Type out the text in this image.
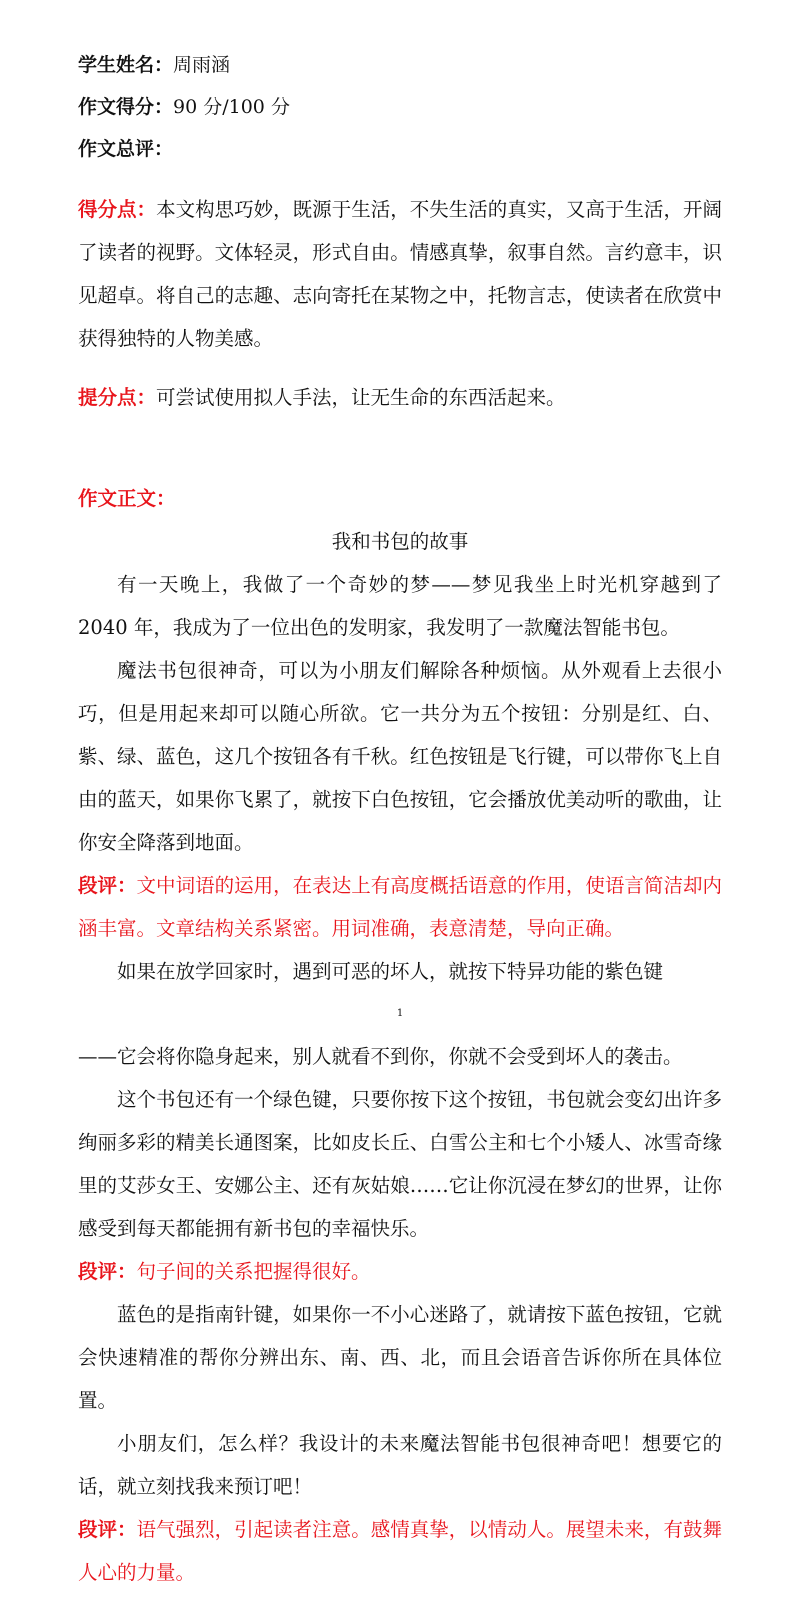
学生姓名：周雨涵
作文得分：90 分/100 分
作文总评：

得分点：本文构思巧妙，既源于生活，不失生活的真实，又高于生活，开阔了读者的视野。文体轻灵，形式自由。情感真挚，叙事自然。言约意丰，识见超卓。将自己的志趣、志向寄托在某物之中，托物言志，使读者在欣赏中获得独特的人物美感。

提分点：可尝试使用拟人手法，让无生命的东西活起来。

作文正文：

我和书包的故事

有一天晚上，我做了一个奇妙的梦——梦见我坐上时光机穿越到了 2040 年，我成为了一位出色的发明家，我发明了一款魔法智能书包。

魔法书包很神奇，可以为小朋友们解除各种烦恼。从外观看上去很小巧，但是用起来却可以随心所欲。它一共分为五个按钮：分别是红、白、紫、绿、蓝色，这几个按钮各有千秋。红色按钮是飞行键，可以带你飞上自由的蓝天，如果你飞累了，就按下白色按钮，它会播放优美动听的歌曲，让你安全降落到地面。

段评：文中词语的运用，在表达上有高度概括语意的作用，使语言简洁却内涵丰富。文章结构关系紧密。用词准确，表意清楚，导向正确。

如果在放学回家时，遇到可恶的坏人，就按下特异功能的紫色键

1

——它会将你隐身起来，别人就看不到你，你就不会受到坏人的袭击。

这个书包还有一个绿色键，只要你按下这个按钮，书包就会变幻出许多绚丽多彩的精美长通图案，比如皮长丘、白雪公主和七个小矮人、冰雪奇缘里的艾莎女王、安娜公主、还有灰姑娘……它让你沉浸在梦幻的世界，让你感受到每天都能拥有新书包的幸福快乐。

段评：句子间的关系把握得很好。

蓝色的是指南针键，如果你一不小心迷路了，就请按下蓝色按钮，它就会快速精准的帮你分辨出东、南、西、北，而且会语音告诉你所在具体位置。

小朋友们，怎么样？我设计的未来魔法智能书包很神奇吧！想要它的话，就立刻找我来预订吧！

段评：语气强烈，引起读者注意。感情真挚，以情动人。展望未来，有鼓舞人心的力量。
